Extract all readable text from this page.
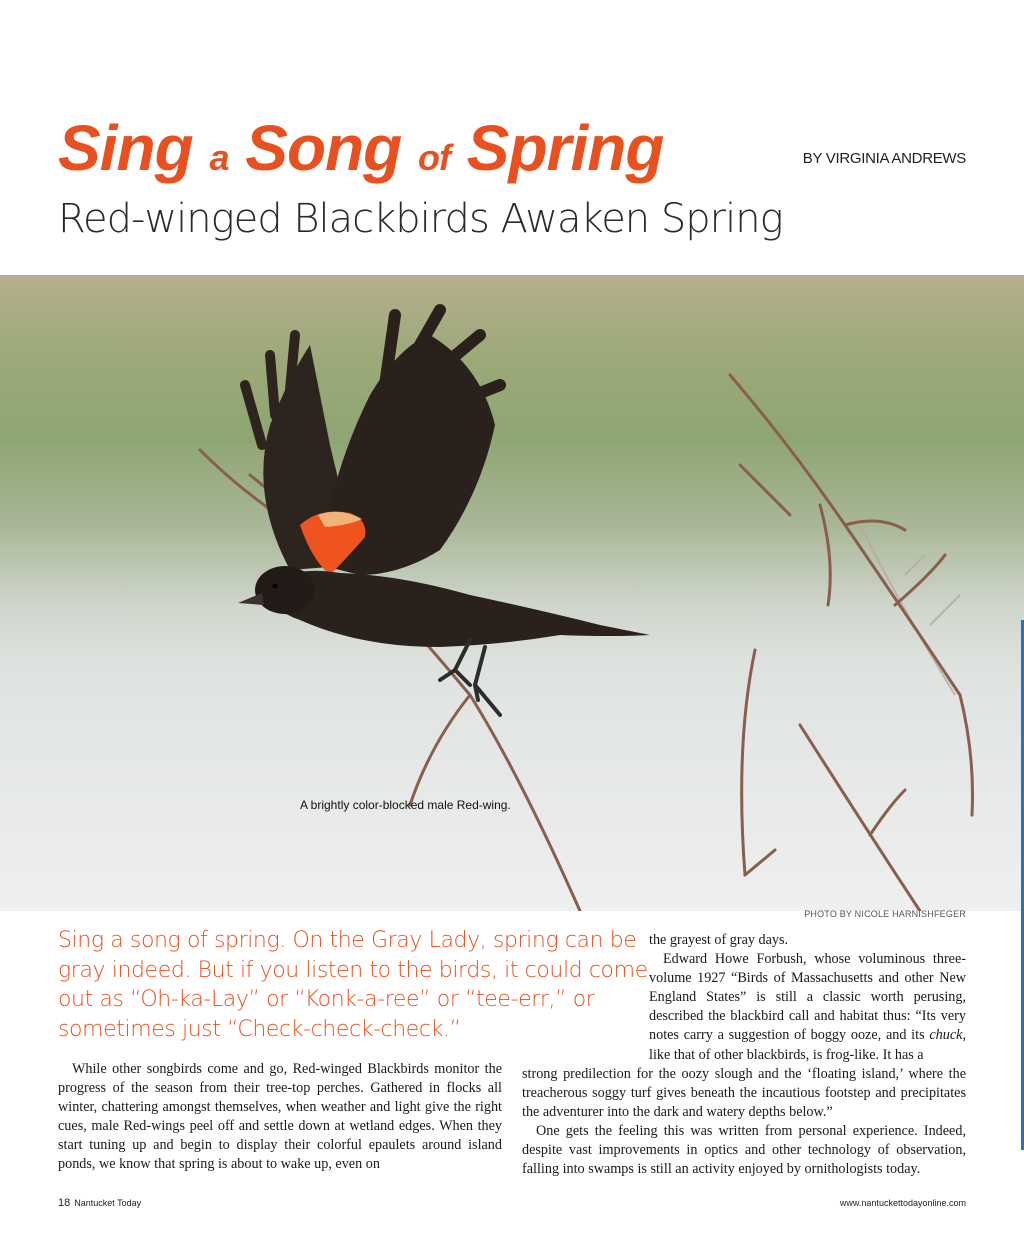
Sing a Song of Spring	BY VIRGINIA ANDREWS
Red-winged Blackbirds Awaken Spring
A brightly color-blocked male Red-wing.
PHOTO BY NICOLE HARNISHFEGER

Sing a song of spring. On the Gray Lady, spring can be gray indeed. But if you listen to the birds, it could come out as “Oh-ka-Lay” or “Konk-a-ree” or “tee-err,” or sometimes just “Check-check-check.”

While other songbirds come and go, Red-winged Blackbirds monitor the progress of the season from their tree-top perches. Gathered in flocks all winter, chattering amongst themselves, when weather and light give the right cues, male Red-wings peel off and settle down at wetland edges. When they start tuning up and begin to display their colorful epaulets around island ponds, we know that spring is about to wake up, even on

the grayest of gray days.

Edward Howe Forbush, whose voluminous three-volume 1927 “Birds of Massachusetts and other New England States” is still a classic worth perusing, described the blackbird call and habitat thus: “Its very notes carry a suggestion of boggy ooze, and its chuck, like that of other blackbirds, is frog-like. It has a

strong predilection for the oozy slough and the ‘floating island,’ where the treacherous soggy turf gives beneath the incautious footstep and precipitates the adventurer into the dark and watery depths below.”

One gets the feeling this was written from personal experience. Indeed, despite vast improvements in optics and other technology of observation, falling into swamps is still an activity enjoyed by ornithologists today.

18 Nantucket Today	www.nantuckettodayonline.com
